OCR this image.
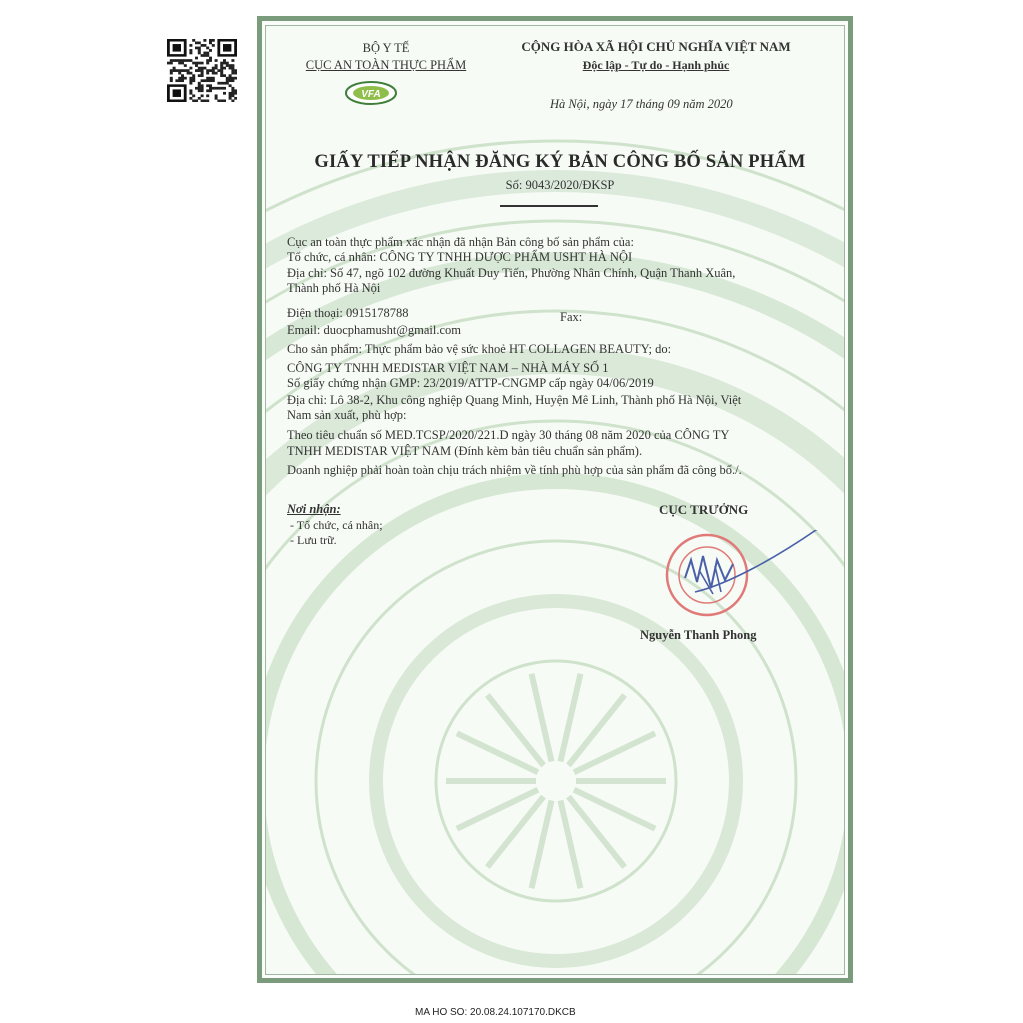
BỘ Y TẾ
CỤC AN TOÀN THỰC PHẨM
VFA
CỘNG HÒA XÃ HỘI CHỦ NGHĨA VIỆT NAM
Độc lập - Tự do - Hạnh phúc
Hà Nội, ngày 17 tháng 09 năm 2020
GIẤY TIẾP NHẬN ĐĂNG KÝ BẢN CÔNG BỐ SẢN PHẨM
Số: 9043/2020/ĐKSP
Cục an toàn thực phẩm xác nhận đã nhận Bản công bố sản phẩm của:
Tổ chức, cá nhân: CÔNG TY TNHH DƯỢC PHẨM USHT HÀ NỘI
Địa chỉ: Số 47, ngõ 102 đường Khuất Duy Tiến, Phường Nhân Chính, Quận Thanh Xuân,
Thành phố Hà Nội
Điện thoại: 0915178788	Fax:
Email: duocphamusht@gmail.com
Cho sản phẩm: Thực phẩm bảo vệ sức khoẻ HT COLLAGEN BEAUTY; do:
CÔNG TY TNHH MEDISTAR VIỆT NAM – NHÀ MÁY SỐ 1
Số giấy chứng nhận GMP: 23/2019/ATTP-CNGMP cấp ngày 04/06/2019
Địa chỉ: Lô 38-2, Khu công nghiệp Quang Minh, Huyện Mê Linh, Thành phố Hà Nội, Việt
Nam sản xuất, phù hợp:
Theo tiêu chuẩn số MED.TCSP/2020/221.D ngày 30 tháng 08 năm 2020 của CÔNG TY
TNHH MEDISTAR VIỆT NAM (Đính kèm bản tiêu chuẩn sản phẩm).
Doanh nghiệp phải hoàn toàn chịu trách nhiệm về tính phù hợp của sản phẩm đã công bố./.
Nơi nhận:
- Tổ chức, cá nhân;
- Lưu trữ.
CỤC TRƯỞNG
Nguyễn Thanh Phong
MA HO SO: 20.08.24.107170.DKCB
